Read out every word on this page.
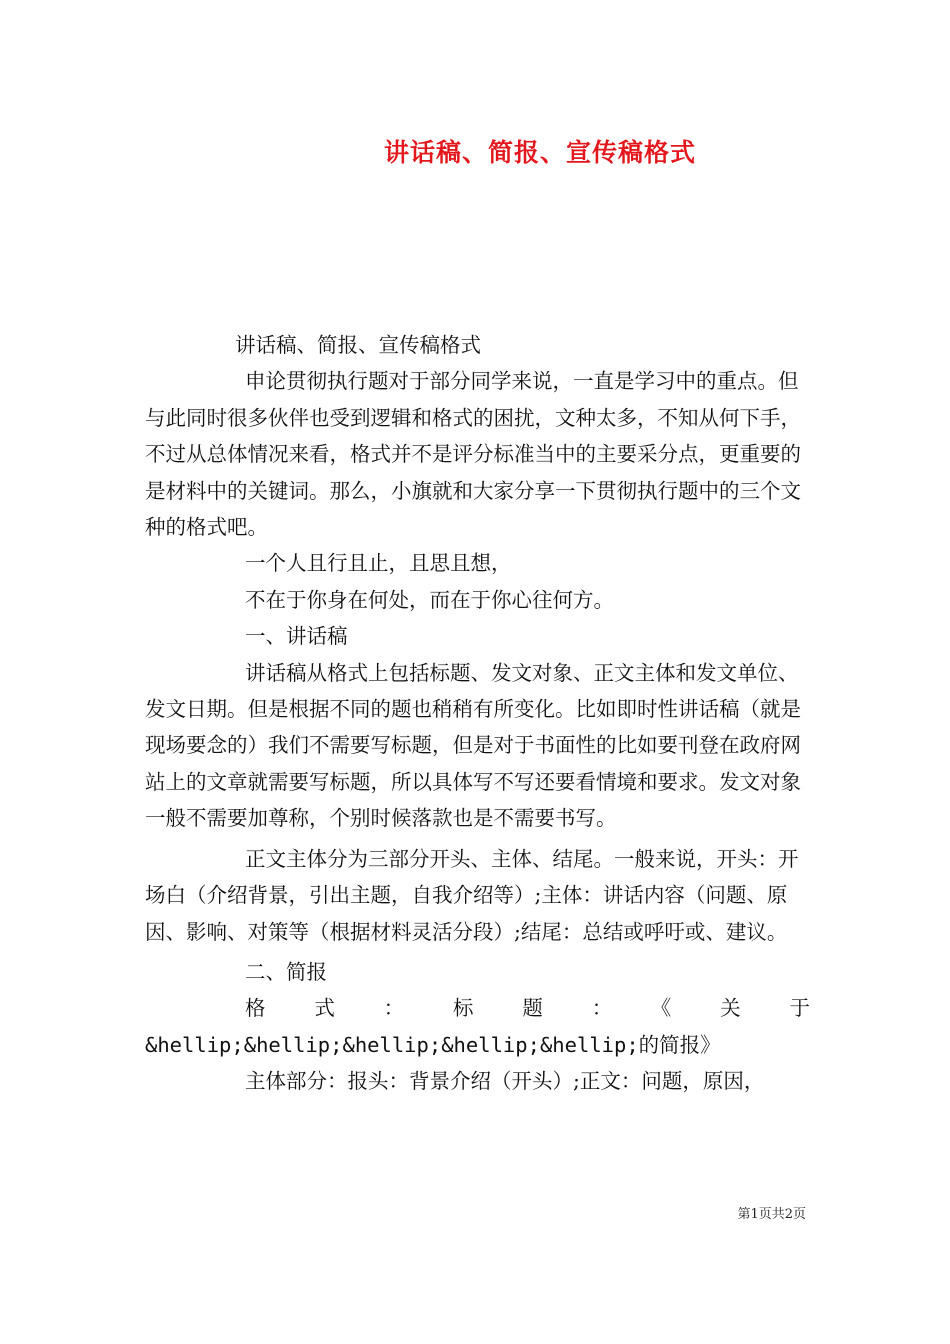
讲话稿、简报、宣传稿格式

讲话稿、简报、宣传稿格式

申论贯彻执行题对于部分同学来说，一直是学习中的重点。但与此同时很多伙伴也受到逻辑和格式的困扰，文种太多，不知从何下手，不过从总体情况来看，格式并不是评分标准当中的主要采分点，更重要的是材料中的关键词。那么，小旗就和大家分享一下贯彻执行题中的三个文种的格式吧。

一个人且行且止，且思且想，

不在于你身在何处，而在于你心往何方。

一、讲话稿

讲话稿从格式上包括标题、发文对象、正文主体和发文单位、发文日期。但是根据不同的题也稍稍有所变化。比如即时性讲话稿（就是现场要念的）我们不需要写标题，但是对于书面性的比如要刊登在政府网站上的文章就需要写标题，所以具体写不写还要看情境和要求。发文对象一般不需要加尊称，个别时候落款也是不需要书写。

正文主体分为三部分开头、主体、结尾。一般来说，开头：开场白（介绍背景，引出主题，自我介绍等）;主体：讲话内容（问题、原因、影响、对策等（根据材料灵活分段）;结尾：总结或呼吁或、建议。

二、简报

格式：标题：《关于

&hellip;&hellip;&hellip;&hellip;&hellip;的简报》

主体部分：报头：背景介绍（开头）;正文：问题，原因，

第1页共2页
